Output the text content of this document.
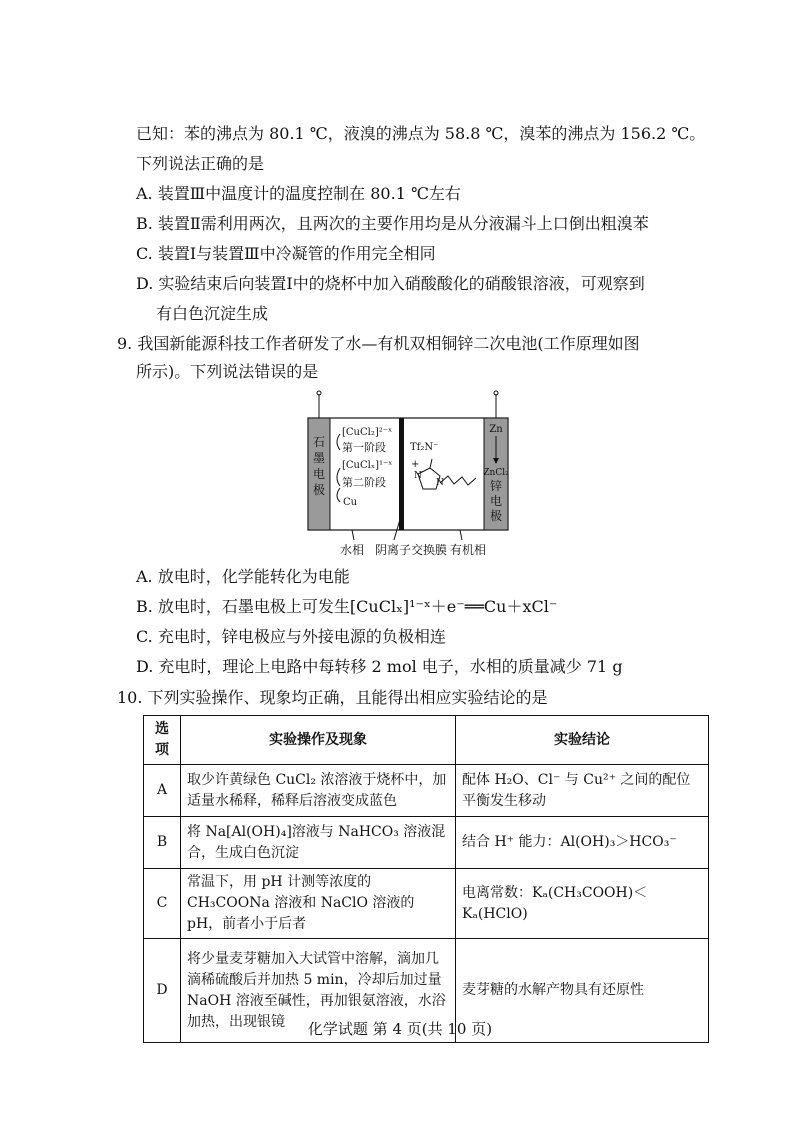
已知：苯的沸点为 80.1 ℃，液溴的沸点为 58.8 ℃，溴苯的沸点为 156.2 ℃。
下列说法正确的是
A. 装置Ⅲ中温度计的温度控制在 80.1 ℃左右
B. 装置Ⅱ需利用两次，且两次的主要作用均是从分液漏斗上口倒出粗溴苯
C. 装置Ⅰ与装置Ⅲ中冷凝管的作用完全相同
D. 实验结束后向装置Ⅰ中的烧杯中加入硝酸酸化的硝酸银溶液，可观察到
有白色沉淀生成
9. 我国新能源科技工作者研发了水—有机双相铜锌二次电池(工作原理如图
所示)。下列说法错误的是
石
墨
电
极
Zn
ZnCl₂
锌
电
极
[CuCl₂]²⁻ˣ
第一阶段
[CuClₓ]¹⁻ˣ
第二阶段
Cu
Tf₂N⁻
+
N
N
水相 阴离子交换膜 有机相
A. 放电时，化学能转化为电能
B. 放电时，石墨电极上可发生[CuClₓ]¹⁻ˣ＋e⁻══Cu＋xCl⁻
C. 充电时，锌电极应与外接电源的负极相连
D. 充电时，理论上电路中每转移 2 mol 电子，水相的质量减少 71 g
10. 下列实验操作、现象均正确，且能得出相应实验结论的是
选项	实验操作及现象	实验结论
A	取少许黄绿色 CuCl₂ 浓溶液于烧杯中，加适量水稀释，稀释后溶液变成蓝色	配体 H₂O、Cl⁻ 与 Cu²⁺ 之间的配位平衡发生移动
B	将 Na[Al(OH)₄]溶液与 NaHCO₃ 溶液混合，生成白色沉淀	结合 H⁺ 能力：Al(OH)₃＞HCO₃⁻
C	常温下，用 pH 计测等浓度的 CH₃COONa 溶液和 NaClO 溶液的 pH，前者小于后者	电离常数：Kₐ(CH₃COOH)＜Kₐ(HClO)
D	将少量麦芽糖加入大试管中溶解，滴加几滴稀硫酸后并加热 5 min，冷却后加过量 NaOH 溶液至碱性，再加银氨溶液，水浴加热，出现银镜	麦芽糖的水解产物具有还原性
化学试题 第 4 页(共 10 页)
